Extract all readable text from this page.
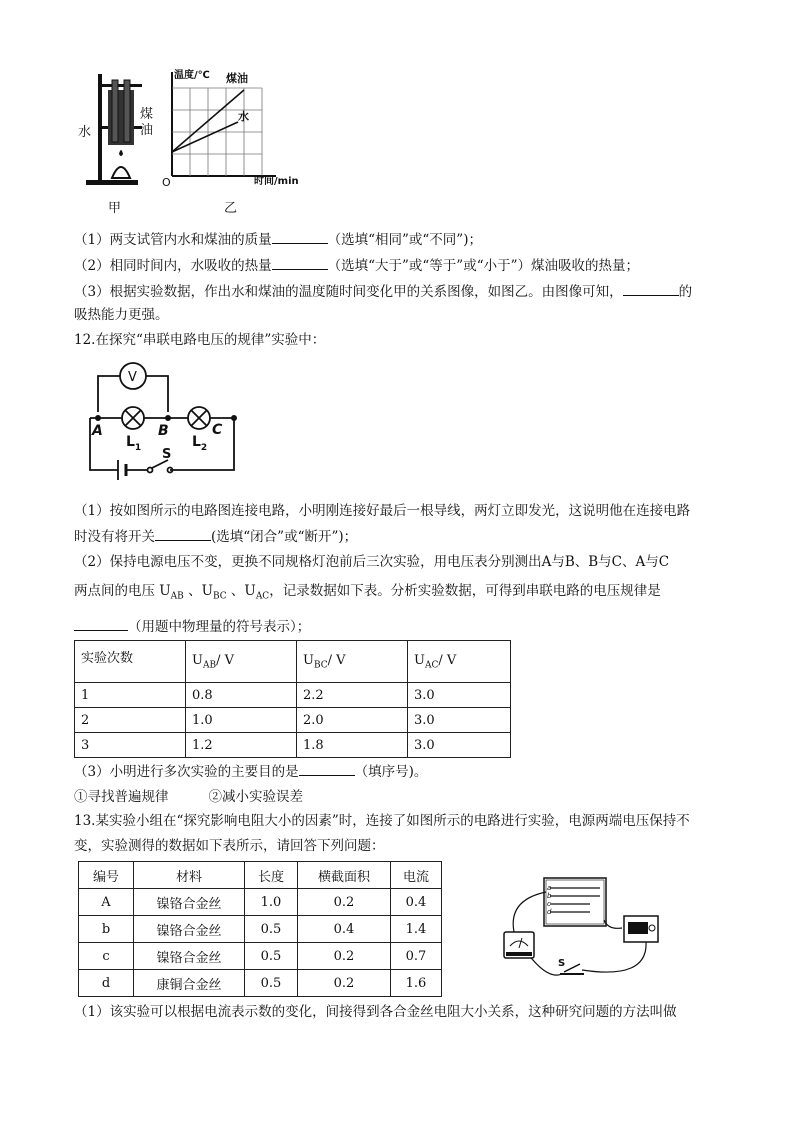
水
煤
油
甲
温度/℃ 煤油
水
O	时间/min
乙
（1）两支试管内水和煤油的质量	（选填“相同”或“不同”)；
（2）相同时间内，水吸收的热量	（选填“大于”或“等于”或“小于”）煤油吸收的热量；
（3）根据实验数据，作出水和煤油的温度随时间变化甲的关系图像，如图乙。由图像可知，	的
吸热能力更强。
12.在探究“串联电路电压的规律”实验中：
V
A	B	C
$L_1$	$L_2$
S
（1）按如图所示的电路图连接电路，小明刚连接好最后一根导线，两灯立即发光，这说明他在连接电路
时没有将开关	(选填“闭合”或“断开”)；
（2）保持电源电压不变，更换不同规格灯泡前后三次实验，用电压表分别测出A与B、B与C、A与C
两点间的电压 $U_{AB}$ 、$U_{BC}$ 、$U_{AC}$，记录数据如下表。分析实验数据，可得到串联电路的电压规律是
（用题中物理量的符号表示）；
实验次数	$U_{AB}/$ V	$U_{BC}/$ V	$U_{AC}/$ V
1	0.8	2.2	3.0
2	1.0	2.0	3.0
3	1.2	1.8	3.0
（3）小明进行多次实验的主要目的是	（填序号)。
①寻找普遍规律	②减小实验误差
13.某实验小组在“探究影响电阻大小的因素”时，连接了如图所示的电路进行实验，电源两端电压保持不
变，实验测得的数据如下表所示，请回答下列问题：
编号	材料	长度	横截面积	电流
A	镍铬合金丝	1.0	0.2	0.4
b	镍铬合金丝	0.5	0.4	1.4
c	镍铬合金丝	0.5	0.2	0.7
d	康铜合金丝	0.5	0.2	1.6
a
b
c
d
S
（1）该实验可以根据电流表示数的变化，间接得到各合金丝电阻大小关系，这种研究问题的方法叫做
